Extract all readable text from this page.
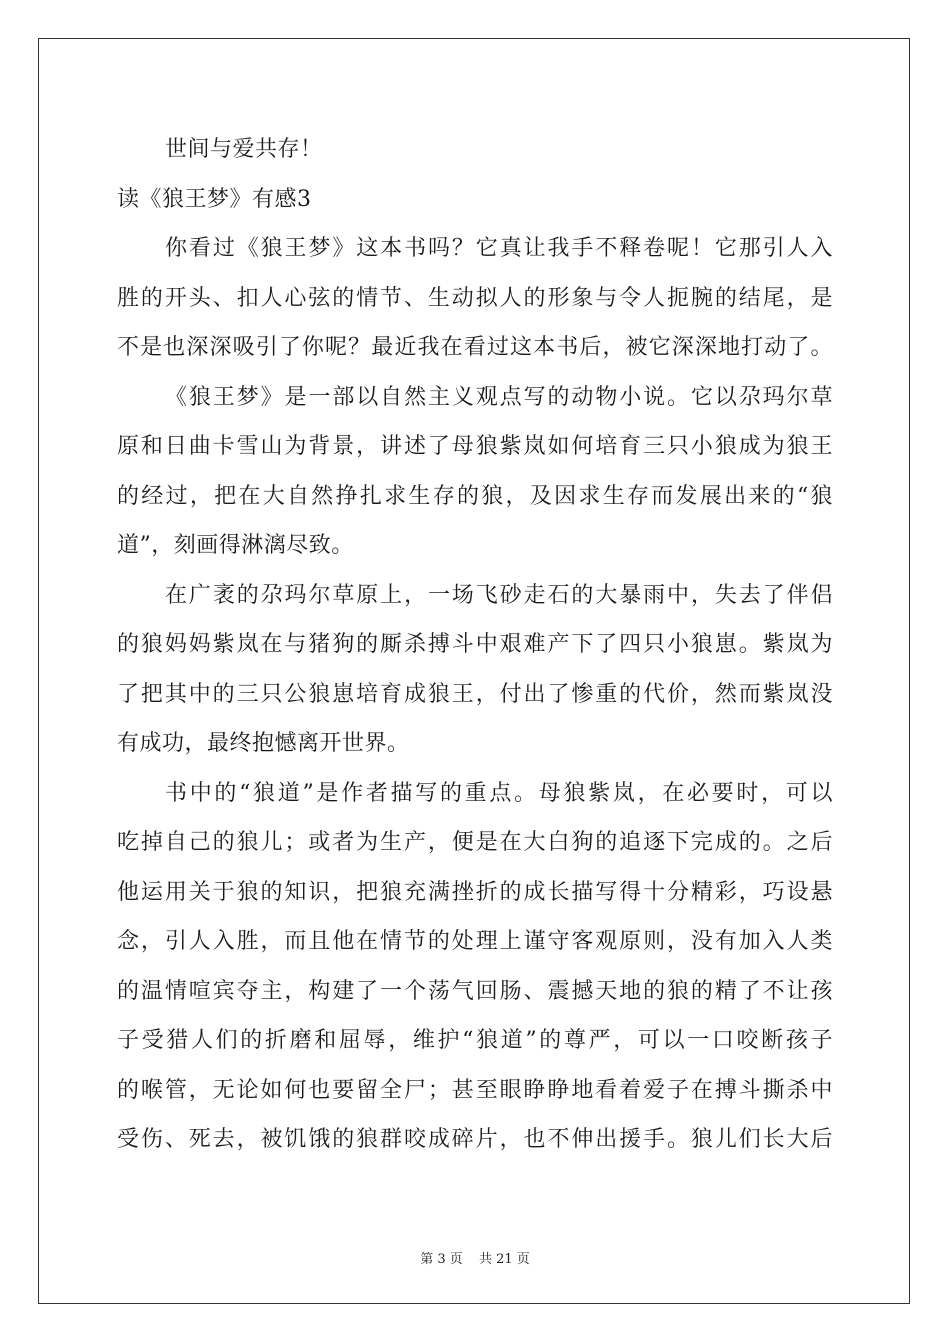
世间与爱共存！
读《狼王梦》有感3
你看过《狼王梦》这本书吗？它真让我手不释卷呢！它那引人入
胜的开头、扣人心弦的情节、生动拟人的形象与令人扼腕的结尾，是
不是也深深吸引了你呢？最近我在看过这本书后，被它深深地打动了。
《狼王梦》是一部以自然主义观点写的动物小说。它以尕玛尔草
原和日曲卡雪山为背景，讲述了母狼紫岚如何培育三只小狼成为狼王
的经过，把在大自然挣扎求生存的狼，及因求生存而发展出来的“狼
道”，刻画得淋漓尽致。
在广袤的尕玛尔草原上，一场飞砂走石的大暴雨中，失去了伴侣
的狼妈妈紫岚在与猪狗的厮杀搏斗中艰难产下了四只小狼崽。紫岚为
了把其中的三只公狼崽培育成狼王，付出了惨重的代价，然而紫岚没
有成功，最终抱憾离开世界。
书中的“狼道”是作者描写的重点。母狼紫岚，在必要时，可以
吃掉自己的狼儿；或者为生产，便是在大白狗的追逐下完成的。之后
他运用关于狼的知识，把狼充满挫折的成长描写得十分精彩，巧设悬
念，引人入胜，而且他在情节的处理上谨守客观原则，没有加入人类
的温情喧宾夺主，构建了一个荡气回肠、震撼天地的狼的精了不让孩
子受猎人们的折磨和屈辱，维护“狼道”的尊严，可以一口咬断孩子
的喉管，无论如何也要留全尸；甚至眼睁睁地看着爱子在搏斗撕杀中
受伤、死去，被饥饿的狼群咬成碎片，也不伸出援手。狼儿们长大后
第 3 页 共 21 页
